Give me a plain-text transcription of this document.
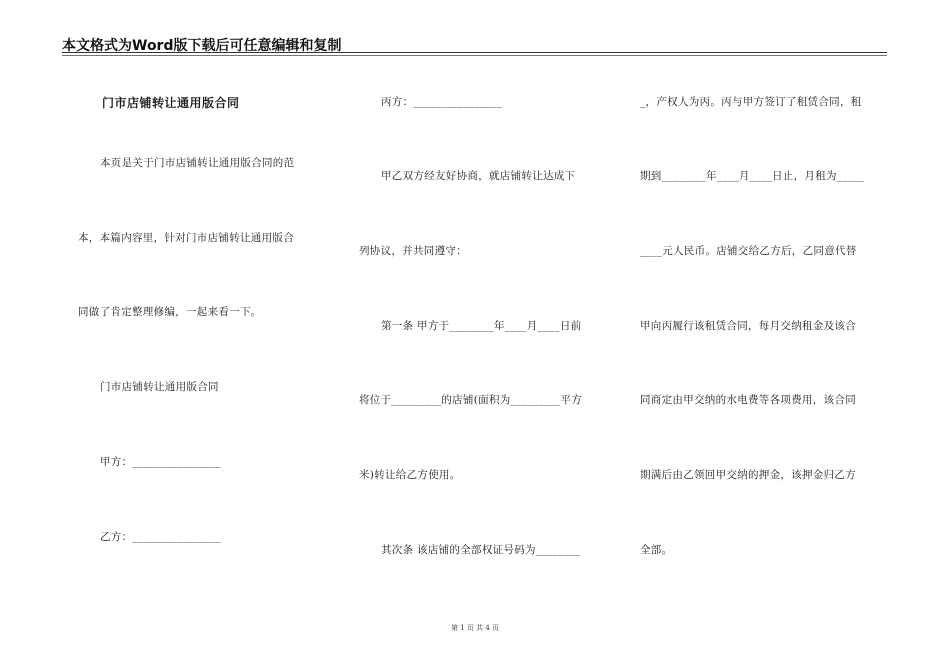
本文格式为Word版下载后可任意编辑和复制
门市店铺转让通用版合同
本页是关于门市店铺转让通用版合同的范
本，本篇内容里，针对门市店铺转让通用版合
同做了肯定整理修编，一起来看一下。
门市店铺转让通用版合同
甲方：________________
乙方：________________
丙方：________________
甲乙双方经友好协商，就店铺转让达成下
列协议，并共同遵守：
第一条 甲方于________年____月____日前
将位于_________的店铺(面积为_________平方
米)转让给乙方使用。
其次条 该店铺的全部权证号码为________
_，产权人为丙。丙与甲方签订了租赁合同，租
期到________年____月____日止，月租为_____
____元人民币。店铺交给乙方后，乙同意代替
甲向丙履行该租赁合同，每月交纳租金及该合
同商定由甲交纳的水电费等各项费用，该合同
期满后由乙领回甲交纳的押金，该押金归乙方
全部。
第 1 页 共 4 页
